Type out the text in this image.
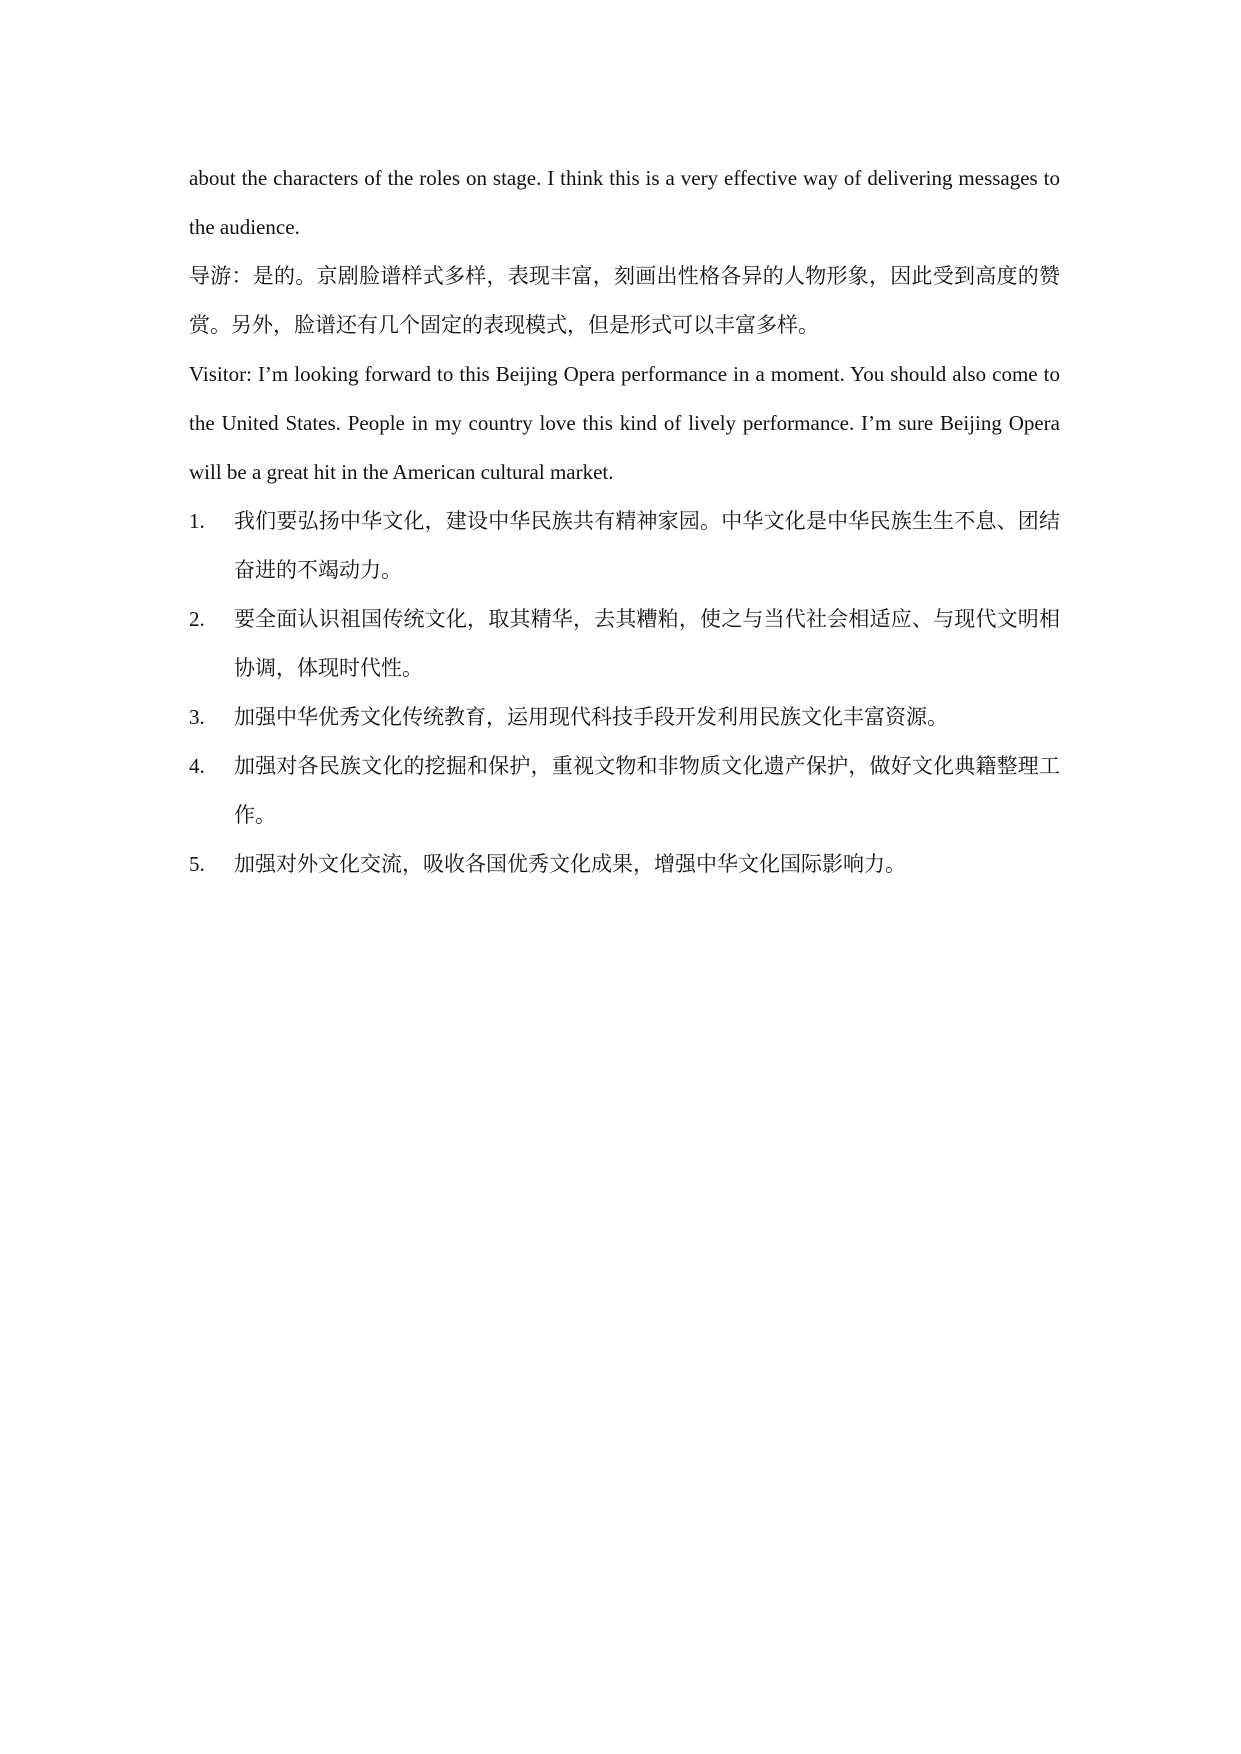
about the characters of the roles on stage. I think this is a very effective way of delivering messages to the audience.

导游：是的。京剧脸谱样式多样，表现丰富，刻画出性格各异的人物形象，因此受到高度的赞赏。另外，脸谱还有几个固定的表现模式，但是形式可以丰富多样。

Visitor: I’m looking forward to this Beijing Opera performance in a moment. You should also come to the United States. People in my country love this kind of lively performance. I’m sure Beijing Opera will be a great hit in the American cultural market.

1.	我们要弘扬中华文化，建设中华民族共有精神家园。中华文化是中华民族生生不息、团结奋进的不竭动力。
2.	要全面认识祖国传统文化，取其精华，去其糟粕，使之与当代社会相适应、与现代文明相协调，体现时代性。
3.	加强中华优秀文化传统教育，运用现代科技手段开发利用民族文化丰富资源。
4.	加强对各民族文化的挖掘和保护，重视文物和非物质文化遗产保护，做好文化典籍整理工作。
5.	加强对外文化交流，吸收各国优秀文化成果，增强中华文化国际影响力。
